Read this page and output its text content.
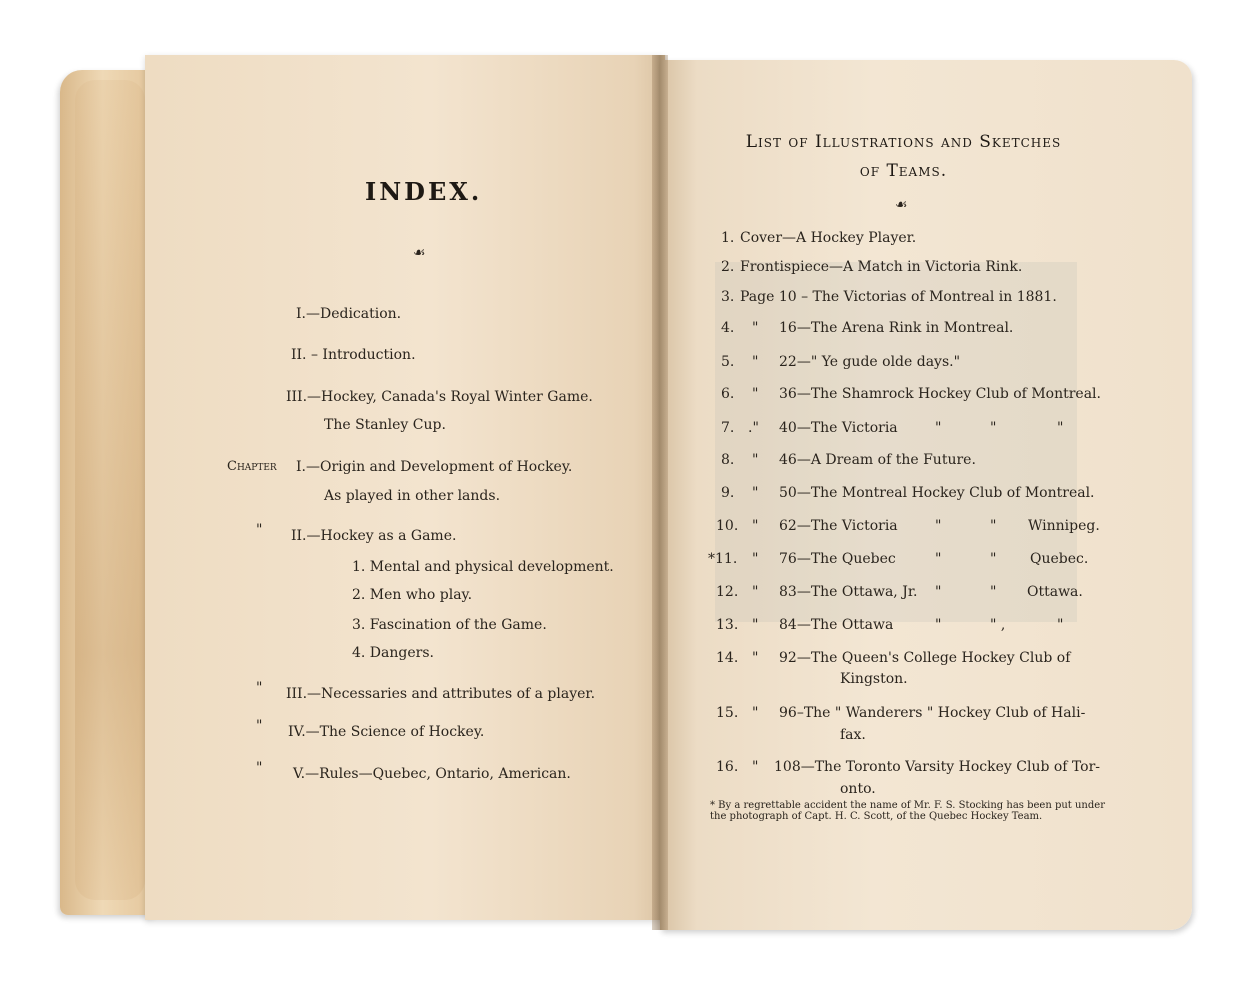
INDEX.
☙
I.—Dedication.
II. – Introduction.
III.—Hockey, Canada's Royal Winter Game.
The Stanley Cup.
Chapter I.—Origin and Development of Hockey.
As played in other lands.
" II.—Hockey as a Game.
1. Mental and physical development.
2. Men who play.
3. Fascination of the Game.
4. Dangers.
" III.—Necessaries and attributes of a player.
" IV.—The Science of Hockey.
" V.—Rules—Quebec, Ontario, American.
List of Illustrations and Sketches
of Teams.
☙
1. Cover—A Hockey Player.
2. Frontispiece—A Match in Victoria Rink.
3. Page 10 – The Victorias of Montreal in 1881.
4. " 16—The Arena Rink in Montreal.
5. " 22—" Ye gude olde days."
6. " 36—The Shamrock Hockey Club of Montreal.
7. ." 40—The Victoria	"	"	"
8. " 46—A Dream of the Future.
9. " 50—The Montreal Hockey Club of Montreal.
10. " 62—The Victoria	"	" Winnipeg.
*11. " 76—The Quebec	"	" Quebec.
12. " 83—The Ottawa, Jr. "	" Ottawa.
13. " 84—The Ottawa	"	" ,	"
14. " 92—The Queen's College Hockey Club of
Kingston.
15. " 96–The " Wanderers " Hockey Club of Hali-
fax.
16. " 108—The Toronto Varsity Hockey Club of Tor-
onto.
* By a regrettable accident the name of Mr. F. S. Stocking has been put under the photograph of Capt. H. C. Scott, of the Quebec Hockey Team.
